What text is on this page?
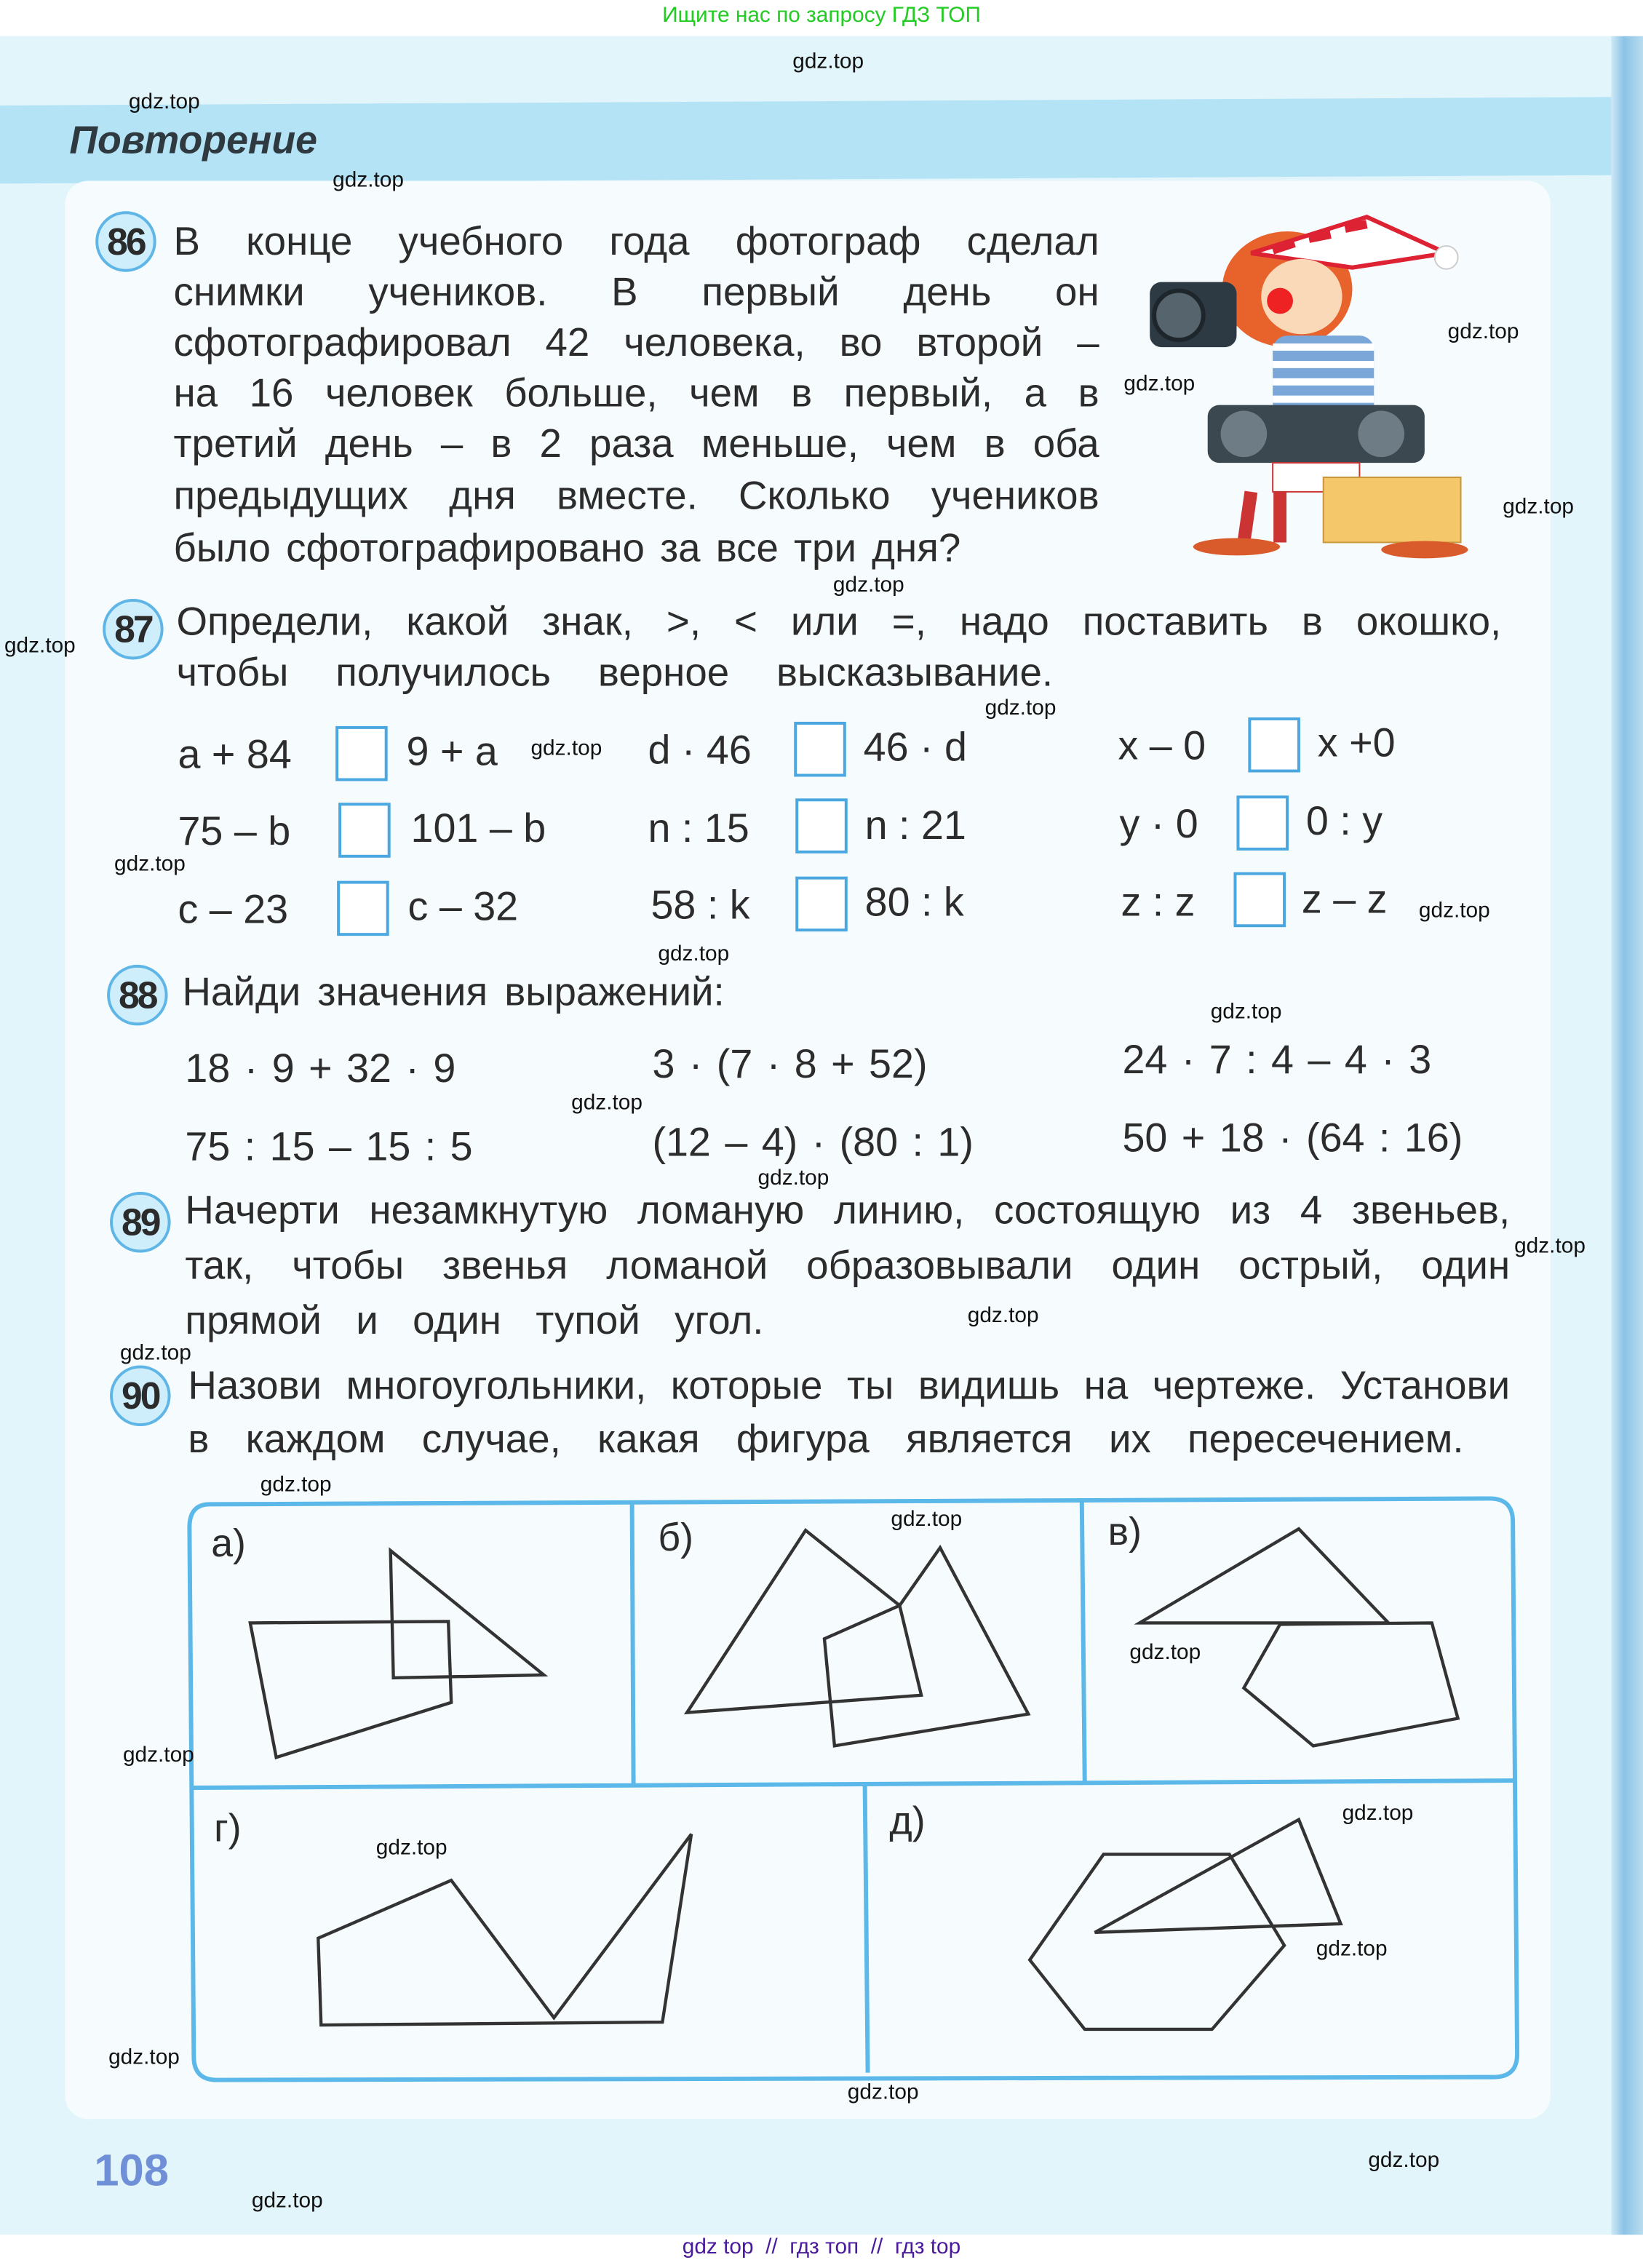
Ищите нас по запросу ГДЗ ТОП
Повторение
86	В конце учебного года фотограф сделал
снимки учеников. В первый день он
сфотографировал 42 человека, во второй –
на 16 человек больше, чем в первый, а в
третий день – в 2 раза меньше, чем в оба
предыдущих дня вместе. Сколько учеников
было сфотографировано за все три дня?
87	Определи, какой знак, >, < или =, надо поставить в окошко,
чтобы получилось верное высказывание.
a + 84	9 + a	d · 46	46 · d	x – 0	x +0
75 – b	101 – b	n : 15	n : 21	y · 0	0 : y
c – 23	c – 32	58 : k	80 : k	z : z	z – z
88	Найди значения выражений:
18 · 9 + 32 · 9	3 · (7 · 8 + 52)	24 · 7 : 4 – 4 · 3
75 : 15 – 15 : 5	(12 – 4) · (80 : 1)	50 + 18 · (64 : 16)
89	Начерти незамкнутую ломаную линию, состоящую из 4 звеньев,
так, чтобы звенья ломаной образовывали один острый, один
прямой и один тупой угол.
90	Назови многоугольники, которые ты видишь на чертеже. Установи
в каждом случае, какая фигура является их пересечением.
а)	б)	в)
г)	д)
108
gdz.top
gdz.top
gdz.top
gdz.top
gdz.top
gdz.top
gdz.top
gdz.top
gdz.top
gdz.top
gdz.top
gdz.top
gdz.top
gdz.top
gdz.top
gdz.top
gdz.top
gdz.top
gdz.top
gdz.top
gdz.top
gdz.top
gdz.top
gdz.top
gdz.top
gdz.top
gdz.top
gdz.top
gdz.top
gdz.top
gdz top  //  гдз топ  //  гдз top
